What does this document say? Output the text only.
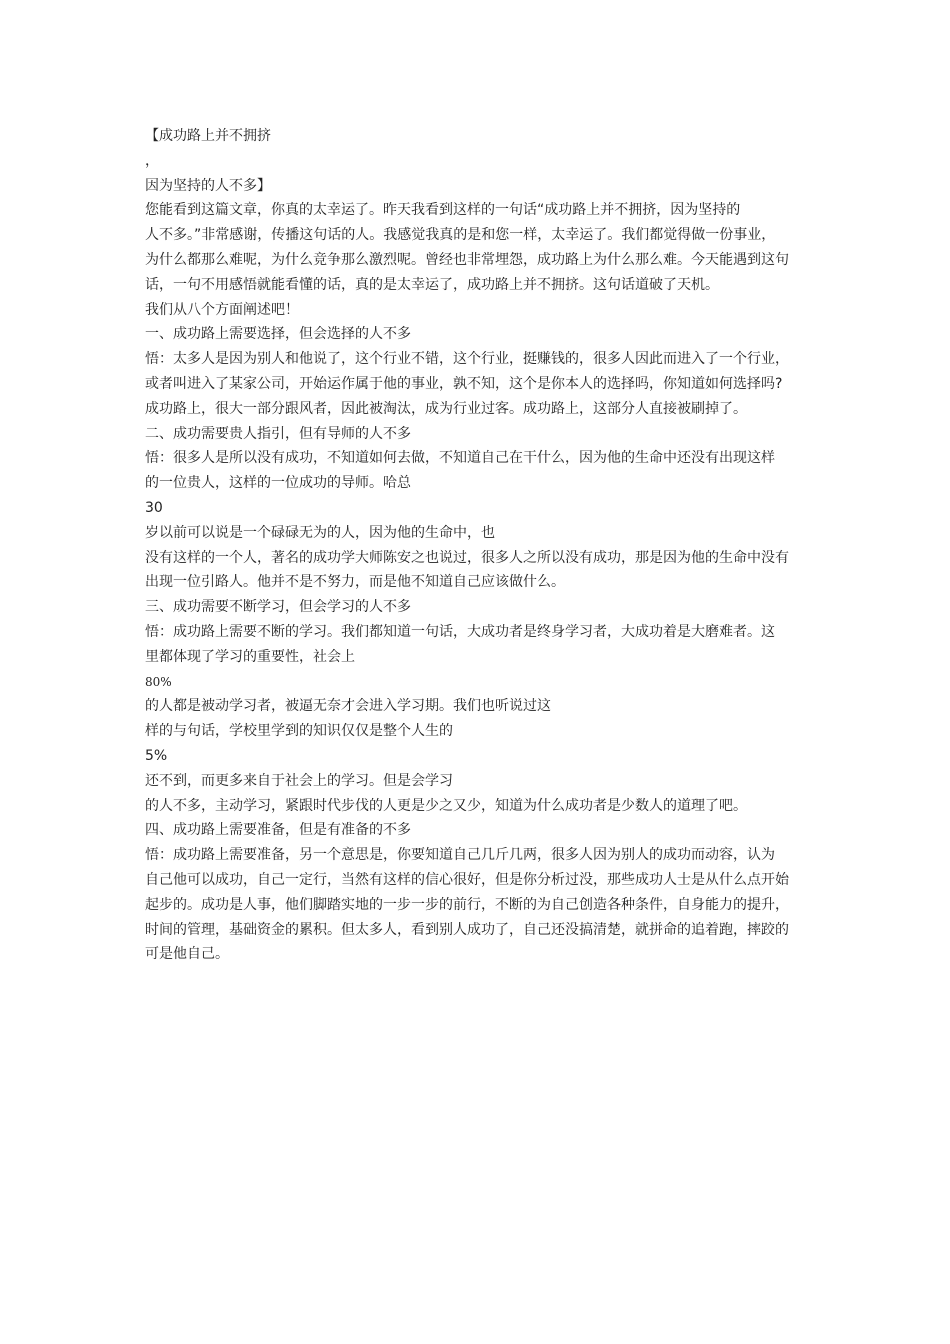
【成功路上并不拥挤
，
因为坚持的人不多】
您能看到这篇文章，你真的太幸运了。昨天我看到这样的一句话“成功路上并不拥挤，因为坚持的
人不多。”非常感谢，传播这句话的人。我感觉我真的是和您一样，太幸运了。我们都觉得做一份事业，
为什么都那么难呢，为什么竞争那么激烈呢。曾经也非常埋怨，成功路上为什么那么难。今天能遇到这句
话，一句不用感悟就能看懂的话，真的是太幸运了，成功路上并不拥挤。这句话道破了天机。
我们从八个方面阐述吧！
一、成功路上需要选择，但会选择的人不多
悟：太多人是因为别人和他说了，这个行业不错，这个行业，挺赚钱的，很多人因此而进入了一个行业，
或者叫进入了某家公司，开始运作属于他的事业，孰不知，这个是你本人的选择吗，你知道如何选择吗?
成功路上，很大一部分跟风者，因此被淘汰，成为行业过客。成功路上，这部分人直接被刷掉了。
二、成功需要贵人指引，但有导师的人不多
悟：很多人是所以没有成功，不知道如何去做，不知道自己在干什么，因为他的生命中还没有出现这样
的一位贵人，这样的一位成功的导师。哈总
30
岁以前可以说是一个碌碌无为的人，因为他的生命中，也
没有这样的一个人，著名的成功学大师陈安之也说过，很多人之所以没有成功，那是因为他的生命中没有
出现一位引路人。他并不是不努力，而是他不知道自己应该做什么。
三、成功需要不断学习，但会学习的人不多
悟：成功路上需要不断的学习。我们都知道一句话，大成功者是终身学习者，大成功着是大磨难者。这
里都体现了学习的重要性，社会上
80%
的人都是被动学习者，被逼无奈才会进入学习期。我们也听说过这
样的与句话，学校里学到的知识仅仅是整个人生的
5%
还不到，而更多来自于社会上的学习。但是会学习
的人不多，主动学习，紧跟时代步伐的人更是少之又少，知道为什么成功者是少数人的道理了吧。
四、成功路上需要准备，但是有准备的不多
悟：成功路上需要准备，另一个意思是，你要知道自己几斤几两，很多人因为别人的成功而动容，认为
自己他可以成功，自己一定行，当然有这样的信心很好，但是你分析过没，那些成功人士是从什么点开始
起步的。成功是人事，他们脚踏实地的一步一步的前行，不断的为自己创造各种条件，自身能力的提升，
时间的管理，基础资金的累积。但太多人，看到别人成功了，自己还没搞清楚，就拼命的追着跑，摔跤的
可是他自己。
